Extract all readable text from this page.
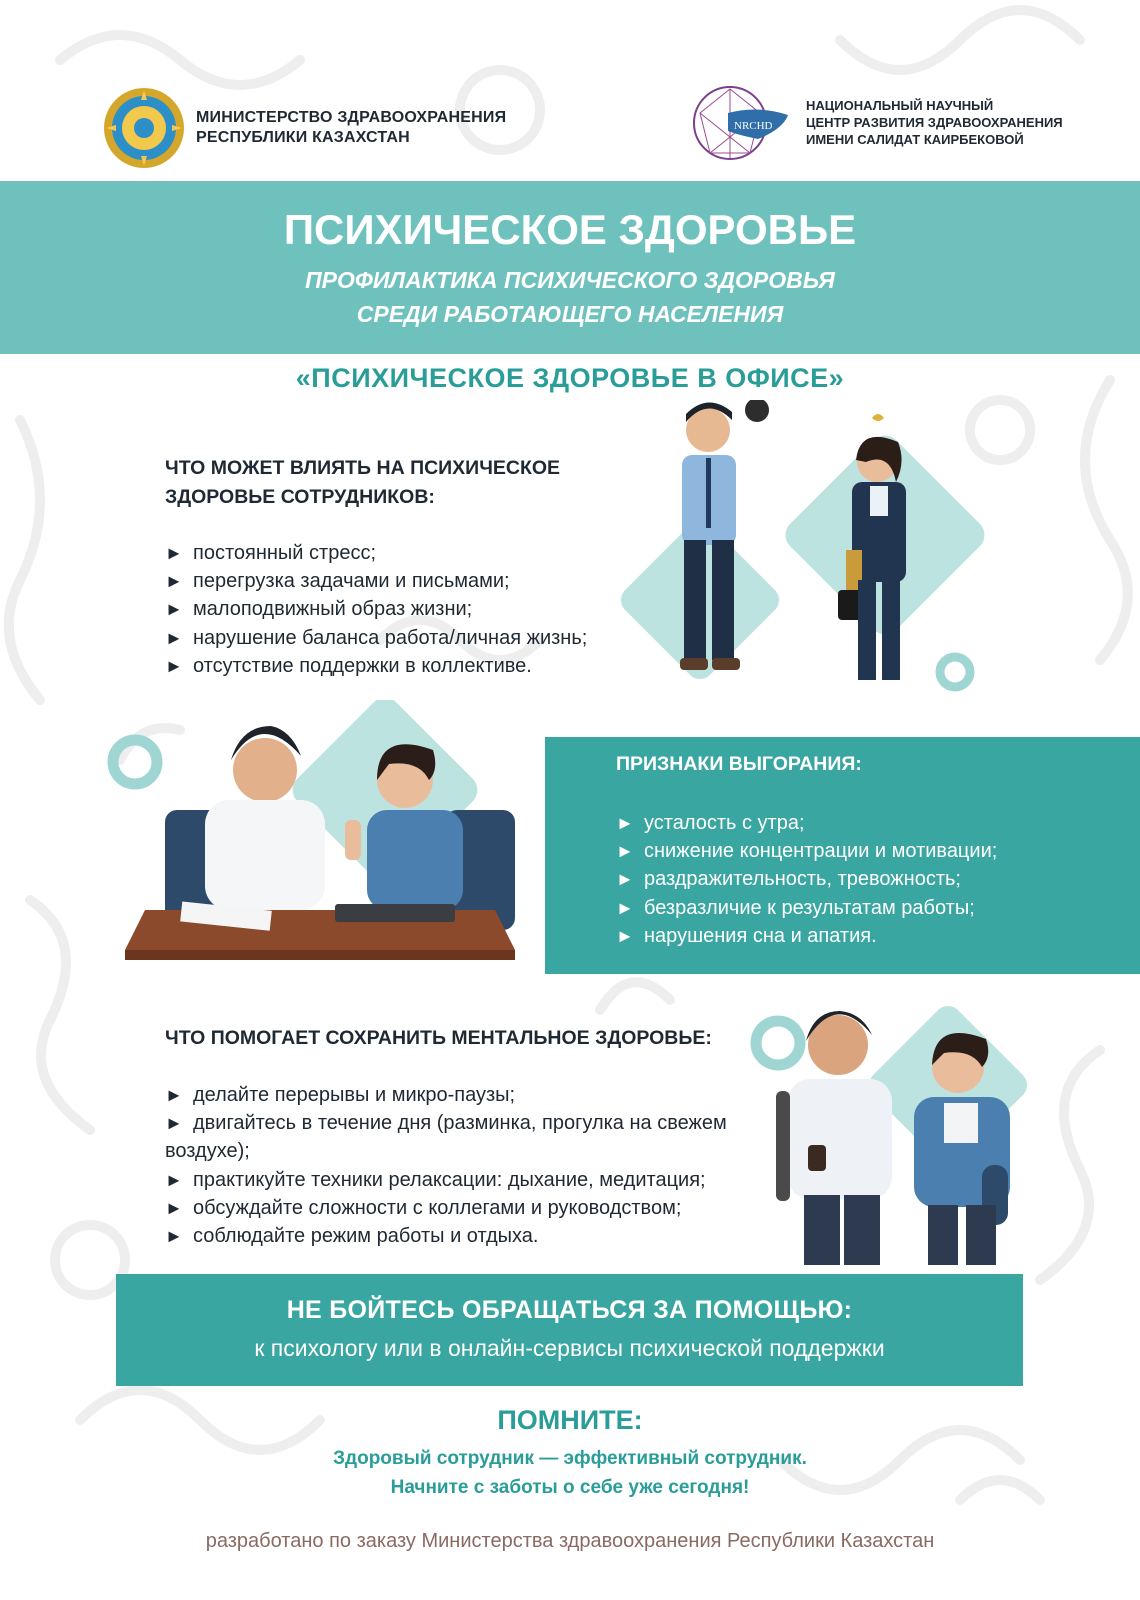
МИНИСТЕРСТВО ЗДРАВООХРАНЕНИЯ
РЕСПУБЛИКИ КАЗАХСТАН
NRCHD
НАЦИОНАЛЬНЫЙ НАУЧНЫЙ
ЦЕНТР РАЗВИТИЯ ЗДРАВООХРАНЕНИЯ
ИМЕНИ САЛИДАТ КАИРБЕКОВОЙ
ПСИХИЧЕСКОЕ ЗДОРОВЬЕ
ПРОФИЛАКТИКА ПСИХИЧЕСКОГО ЗДОРОВЬЯ
СРЕДИ РАБОТАЮЩЕГО НАСЕЛЕНИЯ
«ПСИХИЧЕСКОЕ ЗДОРОВЬЕ В ОФИСЕ»
ЧТО МОЖЕТ ВЛИЯТЬ НА ПСИХИЧЕСКОЕ
ЗДОРОВЬЕ СОТРУДНИКОВ:
► постоянный стресс;
► перегрузка задачами и письмами;
► малоподвижный образ жизни;
► нарушение баланса работа/личная жизнь;
► отсутствие поддержки в коллективе.
ПРИЗНАКИ ВЫГОРАНИЯ:
► усталость с утра;
► снижение концентрации и мотивации;
► раздражительность, тревожность;
► безразличие к результатам работы;
► нарушения сна и апатия.
ЧТО ПОМОГАЕТ СОХРАНИТЬ МЕНТАЛЬНОЕ ЗДОРОВЬЕ:
► делайте перерывы и микро-паузы;
► двигайтесь в течение дня (разминка, прогулка на свежем воздухе);
► практикуйте техники релаксации: дыхание, медитация;
► обсуждайте сложности с коллегами и руководством;
► соблюдайте режим работы и отдыха.
НЕ БОЙТЕСЬ ОБРАЩАТЬСЯ ЗА ПОМОЩЬЮ:
к психологу или в онлайн-сервисы психической поддержки
ПОМНИТЕ:
Здоровый сотрудник — эффективный сотрудник.
Начните с заботы о себе уже сегодня!
разработано по заказу Министерства здравоохранения Республики Казахстан
